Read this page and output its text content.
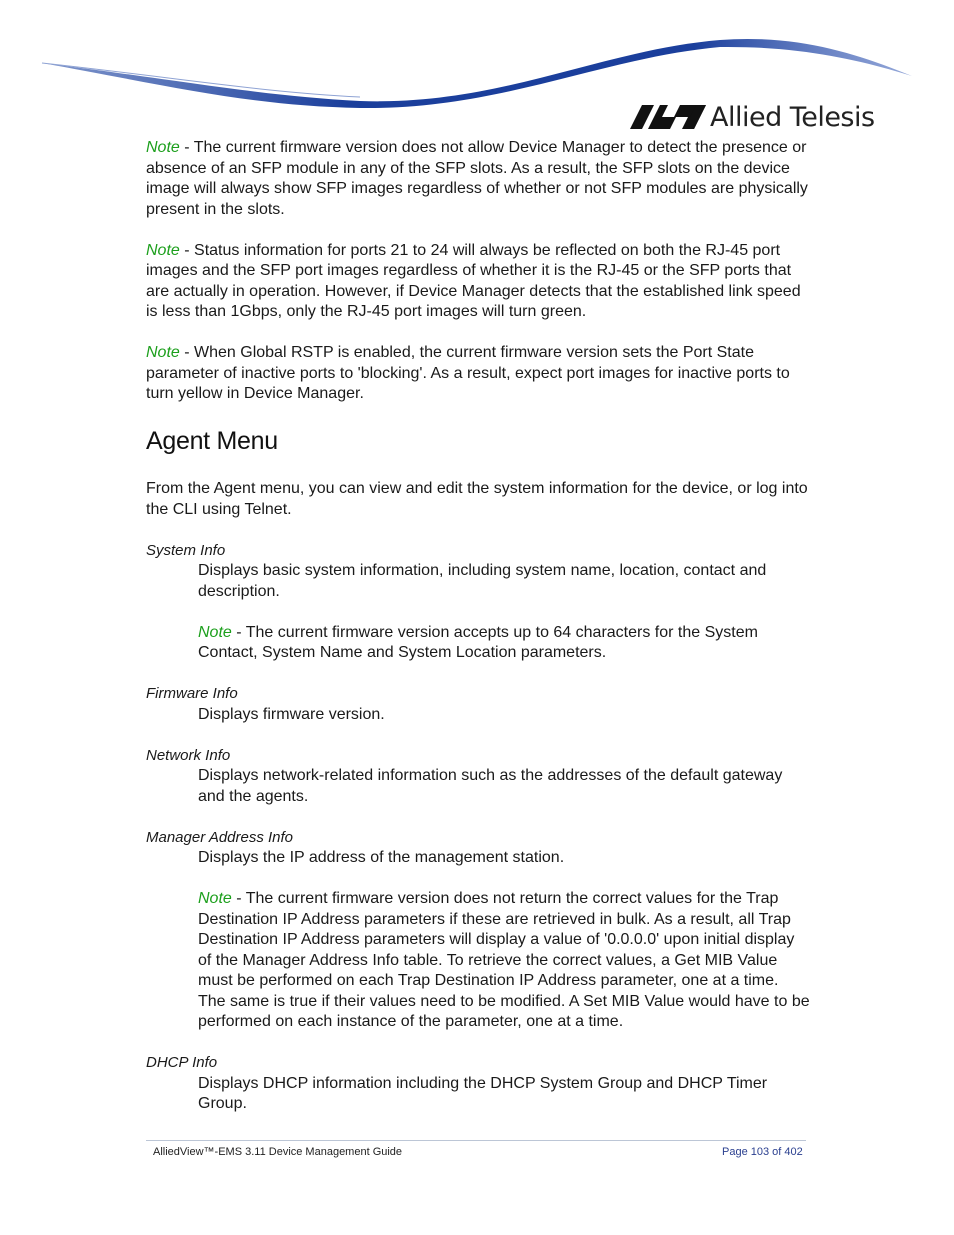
Allied Telesis

Note - The current firmware version does not allow Device Manager to detect the presence or absence of an SFP module in any of the SFP slots. As a result, the SFP slots on the device image will always show SFP images regardless of whether or not SFP modules are physically present in the slots.

Note - Status information for ports 21 to 24 will always be reflected on both the RJ-45 port images and the SFP port images regardless of whether it is the RJ-45 or the SFP ports that are actually in operation. However, if Device Manager detects that the established link speed is less than 1Gbps, only the RJ-45 port images will turn green.

Note - When Global RSTP is enabled, the current firmware version sets the Port State parameter of inactive ports to 'blocking'. As a result, expect port images for inactive ports to turn yellow in Device Manager.

Agent Menu

From the Agent menu, you can view and edit the system information for the device, or log into the CLI using Telnet.

System Info

Displays basic system information, including system name, location, contact and description.

Note - The current firmware version accepts up to 64 characters for the System Contact, System Name and System Location parameters.

Firmware Info

Displays firmware version.

Network Info

Displays network-related information such as the addresses of the default gateway and the agents.

Manager Address Info

Displays the IP address of the management station.

Note - The current firmware version does not return the correct values for the Trap Destination IP Address parameters if these are retrieved in bulk. As a result, all Trap Destination IP Address parameters will display a value of '0.0.0.0' upon initial display of the Manager Address Info table. To retrieve the correct values, a Get MIB Value must be performed on each Trap Destination IP Address parameter, one at a time. The same is true if their values need to be modified. A Set MIB Value would have to be performed on each instance of the parameter, one at a time.

DHCP Info

Displays DHCP information including the DHCP System Group and DHCP Timer Group.

AlliedView™-EMS 3.11 Device Management Guide	Page 103 of 402
